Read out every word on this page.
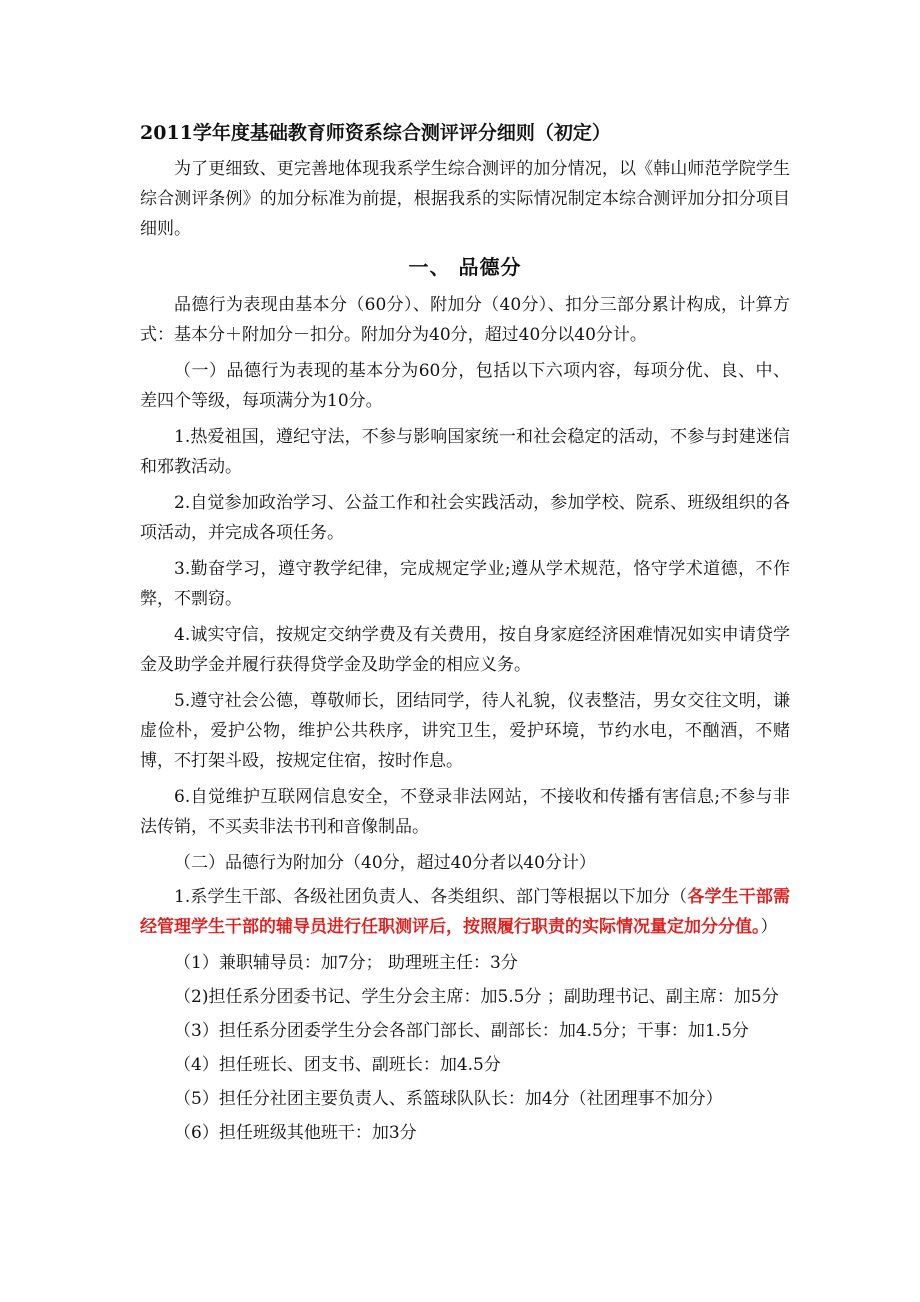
2011学年度基础教育师资系综合测评评分细则（初定）

为了更细致、更完善地体现我系学生综合测评的加分情况，以《韩山师范学院学生综合测评条例》的加分标准为前提，根据我系的实际情况制定本综合测评加分扣分项目细则。

一、 品德分

品德行为表现由基本分（60分）、附加分（40分）、扣分三部分累计构成，计算方式：基本分＋附加分－扣分。附加分为40分，超过40分以40分计。

（一）品德行为表现的基本分为60分，包括以下六项内容，每项分优、良、中、差四个等级，每项满分为10分。

1.热爱祖国，遵纪守法，不参与影响国家统一和社会稳定的活动，不参与封建迷信和邪教活动。

2.自觉参加政治学习、公益工作和社会实践活动，参加学校、院系、班级组织的各项活动，并完成各项任务。

3.勤奋学习，遵守教学纪律，完成规定学业;遵从学术规范，恪守学术道德，不作弊，不剽窃。

4.诚实守信，按规定交纳学费及有关费用，按自身家庭经济困难情况如实申请贷学金及助学金并履行获得贷学金及助学金的相应义务。

5.遵守社会公德，尊敬师长，团结同学，待人礼貌，仪表整洁，男女交往文明，谦虚俭朴，爱护公物，维护公共秩序，讲究卫生，爱护环境，节约水电，不酗酒，不赌博，不打架斗殴，按规定住宿，按时作息。

6.自觉维护互联网信息安全，不登录非法网站，不接收和传播有害信息;不参与非法传销，不买卖非法书刊和音像制品。

（二）品德行为附加分（40分，超过40分者以40分计）

1.系学生干部、各级社团负责人、各类组织、部门等根据以下加分（各学生干部需经管理学生干部的辅导员进行任职测评后，按照履行职责的实际情况量定加分分值。）

（1）兼职辅导员：加7分； 助理班主任：3分

（2)担任系分团委书记、学生分会主席：加5.5分 ；副助理书记、副主席：加5分

（3）担任系分团委学生分会各部门部长、副部长：加4.5分；干事：加1.5分

（4）担任班长、团支书、副班长：加4.5分

（5）担任分社团主要负责人、系篮球队队长：加4分（社团理事不加分）

（6）担任班级其他班干：加3分
